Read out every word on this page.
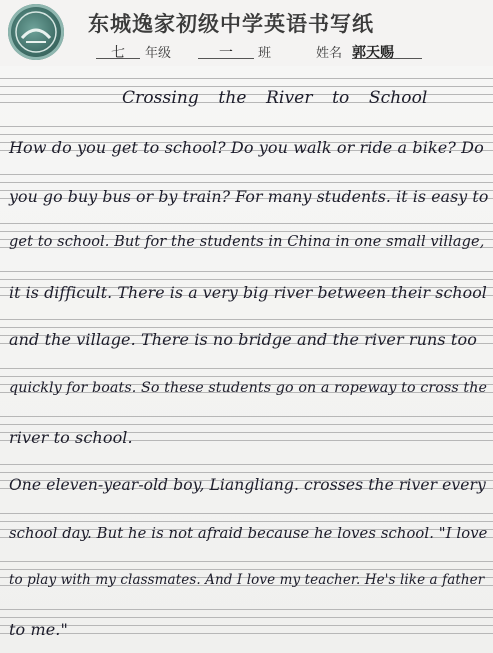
东城逸家初级中学英语书写纸
七	年级	一	班	姓名 郭天赐
Crossing the River to School
How do you get to school? Do you walk or ride a bike? Do
you go buy bus or by train? For many students. it is easy to
get to school. But for the students in China in one small village,
it is difficult. There is a very big river between their school
and the village. There is no bridge and the river runs too
quickly for boats. So these students go on a ropeway to cross the
river to school.
One eleven-year-old boy, Liangliang. crosses the river every
school day. But he is not afraid because he loves school. "I love
to play with my classmates. And I love my teacher. He's like a father
to me."
